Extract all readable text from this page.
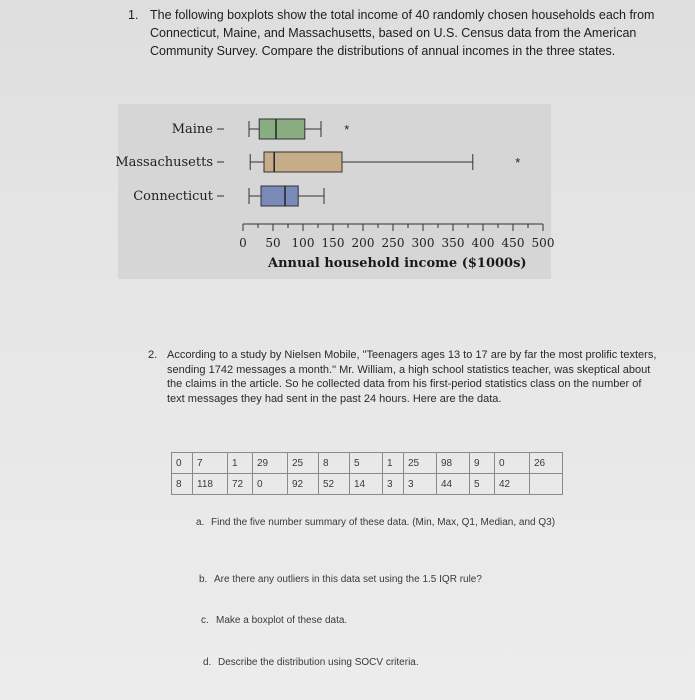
1. The following boxplots show the total income of 40 randomly chosen households each from Connecticut, Maine, and Massachusetts, based on U.S. Census data from the American Community Survey. Compare the distributions of annual incomes in the three states.
0 50 100 150 200 250 300 350 400 450 500
Maine	*
Massachusetts	*
Connecticut
Annual household income ($1000s)
2. According to a study by Nielsen Mobile, "Teenagers ages 13 to 17 are by far the most prolific texters, sending 1742 messages a month." Mr. William, a high school statistics teacher, was skeptical about the claims in the article. So he collected data from his first-period statistics class on the number of text messages they had sent in the past 24 hours. Here are the data.
0	7	1	29	25	8	5	1	25	98	9	0	26
8	118	72	0	92	52	14	3	3	44	5	42	
a. Find the five number summary of these data. (Min, Max, Q1, Median, and Q3)
b. Are there any outliers in this data set using the 1.5 IQR rule?
c. Make a boxplot of these data.
d. Describe the distribution using SOCV criteria.
